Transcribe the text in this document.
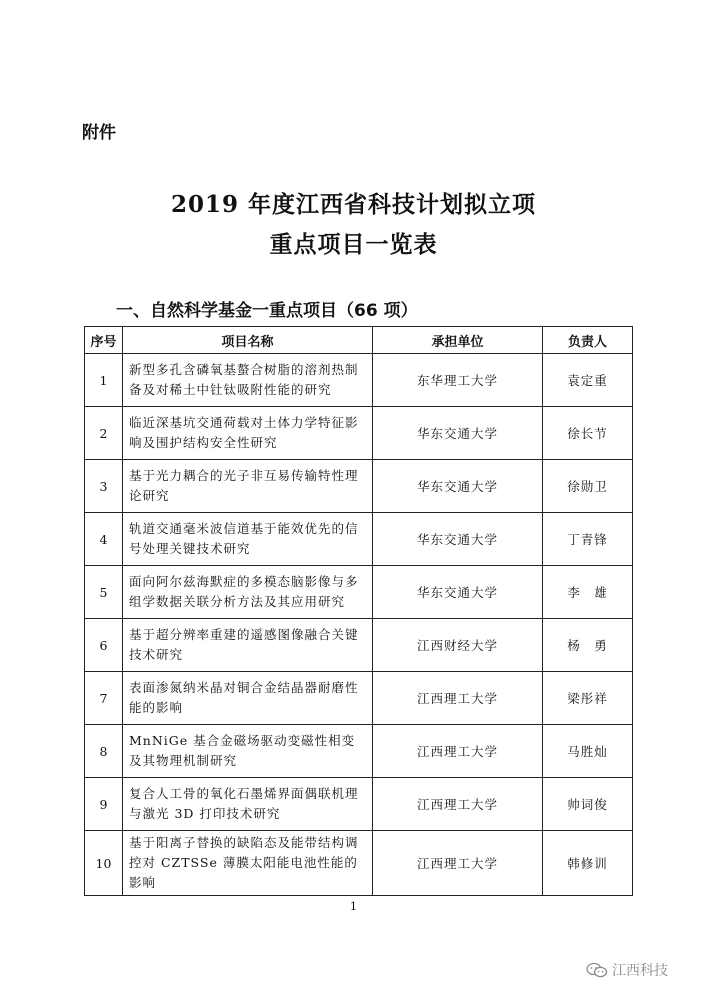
附件
2019 年度江西省科技计划拟立项
重点项目一览表
一、自然科学基金一重点项目（66 项）
序号	项目名称	承担单位	负责人
1	新型多孔含磷氧基螯合树脂的溶剂热制备及对稀土中钍钛吸附性能的研究	东华理工大学	袁定重
2	临近深基坑交通荷载对土体力学特征影响及围护结构安全性研究	华东交通大学	徐长节
3	基于光力耦合的光子非互易传输特性理论研究	华东交通大学	徐勋卫
4	轨道交通毫米波信道基于能效优先的信号处理关键技术研究	华东交通大学	丁青锋
5	面向阿尔兹海默症的多模态脑影像与多组学数据关联分析方法及其应用研究	华东交通大学	李　雄
6	基于超分辨率重建的遥感图像融合关键技术研究	江西财经大学	杨　勇
7	表面渗氮纳米晶对铜合金结晶器耐磨性能的影响	江西理工大学	梁彤祥
8	MnNiGe 基合金磁场驱动变磁性相变及其物理机制研究	江西理工大学	马胜灿
9	复合人工骨的氧化石墨烯界面偶联机理与激光 3D 打印技术研究	江西理工大学	帅词俊
10	基于阳离子替换的缺陷态及能带结构调控对 CZTSSe 薄膜太阳能电池性能的影响	江西理工大学	韩修训
1
江西科技
